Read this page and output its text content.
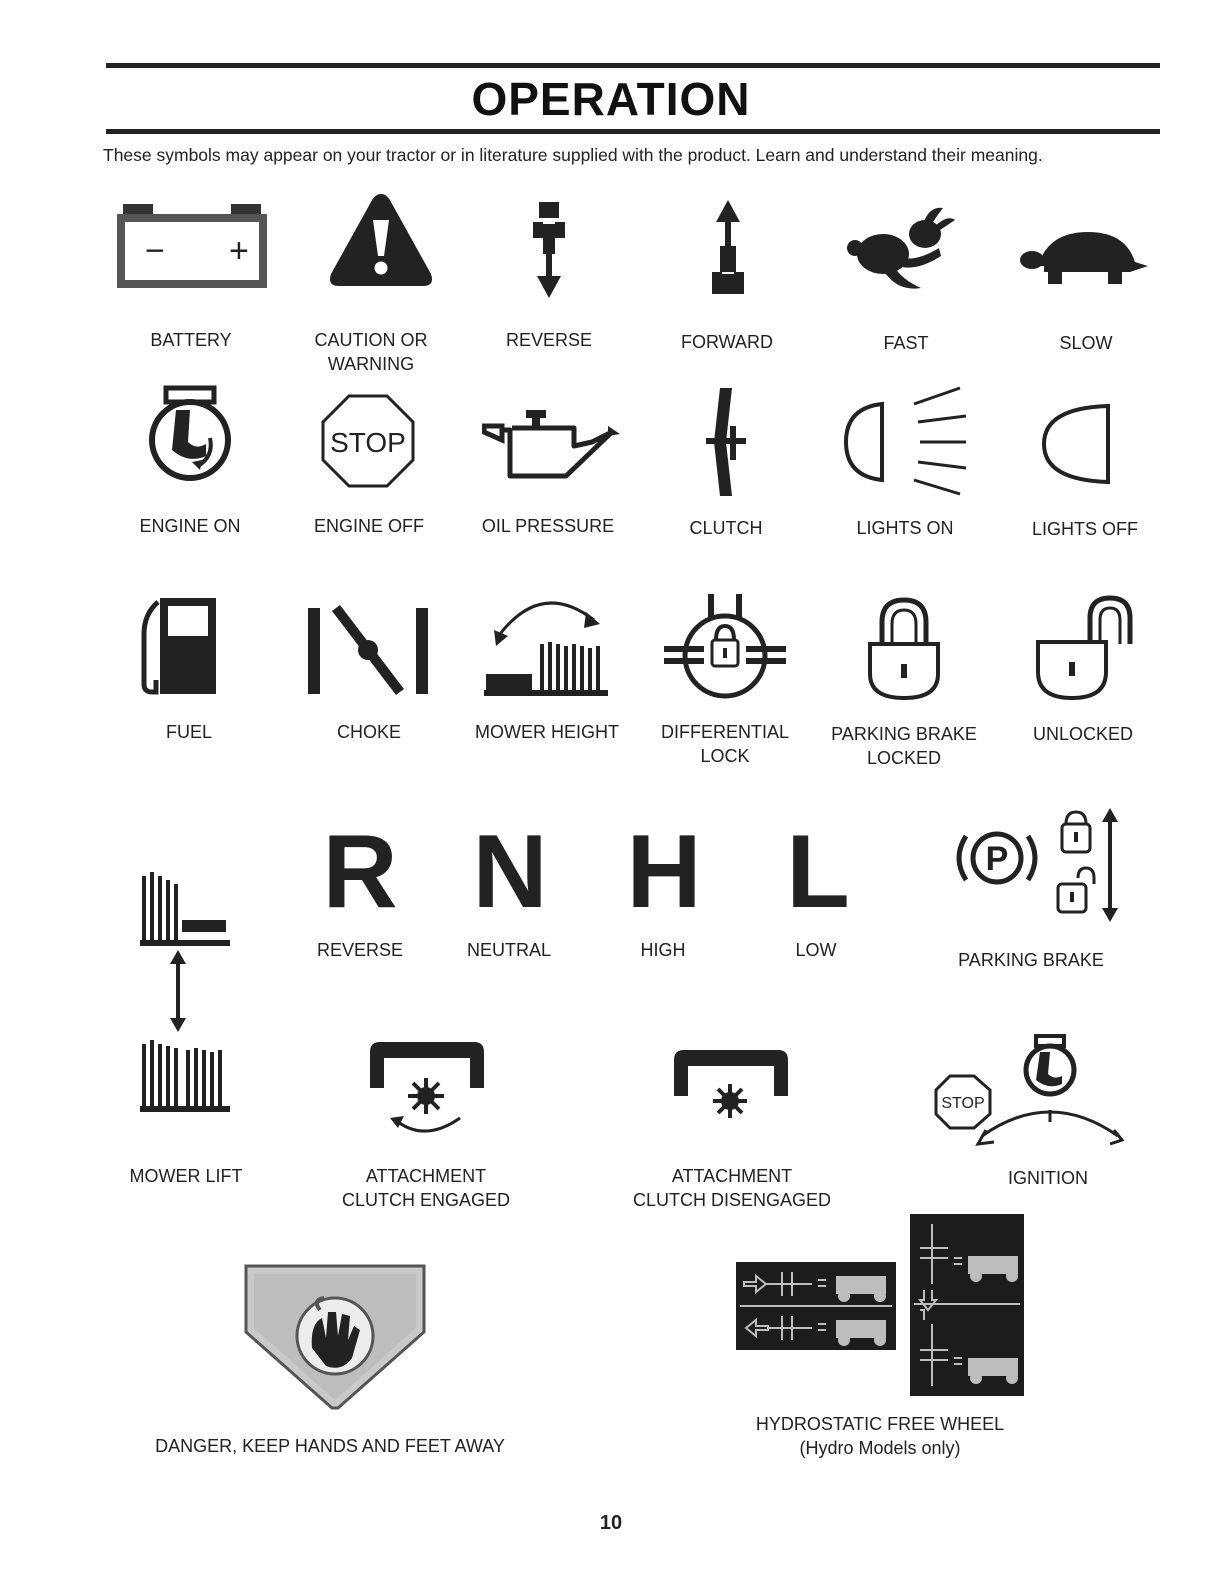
OPERATION
These symbols may appear on your tractor or in literature supplied with the product. Learn and understand their meaning.
− +
BATTERY	CAUTION OR
WARNING
REVERSE	FORWARD	FAST	SLOW
ENGINE ON
STOP
ENGINE OFF	OIL PRESSURE	CLUTCH	LIGHTS ON	LIGHTS OFF
FUEL	CHOKE	MOWER HEIGHT DIFFERENTIAL
LOCK
PARKING BRAKE
LOCKED
UNLOCKED
R N H L
REVERSE	NEUTRAL	HIGH	LOW
P
PARKING BRAKE
MOWER LIFT	ATTACHMENT
CLUTCH ENGAGED
ATTACHMENT
CLUTCH DISENGAGED
STOP
IGNITION
DANGER, KEEP HANDS AND FEET AWAY
HYDROSTATIC FREE WHEEL
(Hydro Models only)
10
